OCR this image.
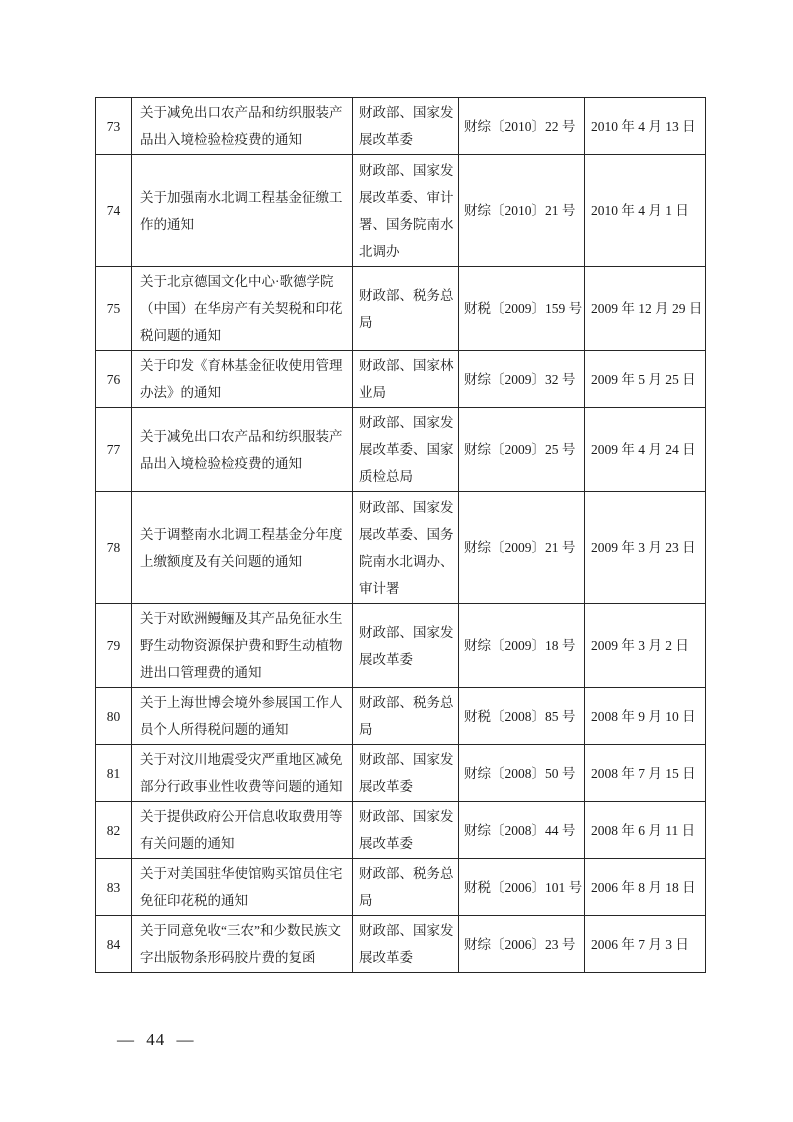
73	关于减免出口农产品和纺织服装产品出入境检验检疫费的通知	财政部、国家发展改革委	财综〔2010〕22 号	2010 年 4 月 13 日
74	关于加强南水北调工程基金征缴工作的通知	财政部、国家发展改革委、审计署、国务院南水北调办	财综〔2010〕21 号	2010 年 4 月 1 日
75	关于北京德国文化中心·歌德学院（中国）在华房产有关契税和印花税问题的通知	财政部、税务总局	财税〔2009〕159 号	2009 年 12 月 29 日
76	关于印发《育林基金征收使用管理办法》的通知	财政部、国家林业局	财综〔2009〕32 号	2009 年 5 月 25 日
77	关于减免出口农产品和纺织服装产品出入境检验检疫费的通知	财政部、国家发展改革委、国家质检总局	财综〔2009〕25 号	2009 年 4 月 24 日
78	关于调整南水北调工程基金分年度上缴额度及有关问题的通知	财政部、国家发展改革委、国务院南水北调办、审计署	财综〔2009〕21 号	2009 年 3 月 23 日
79	关于对欧洲鳗鲡及其产品免征水生野生动物资源保护费和野生动植物进出口管理费的通知	财政部、国家发展改革委	财综〔2009〕18 号	2009 年 3 月 2 日
80	关于上海世博会境外参展国工作人员个人所得税问题的通知	财政部、税务总局	财税〔2008〕85 号	2008 年 9 月 10 日
81	关于对汶川地震受灾严重地区减免部分行政事业性收费等问题的通知	财政部、国家发展改革委	财综〔2008〕50 号	2008 年 7 月 15 日
82	关于提供政府公开信息收取费用等有关问题的通知	财政部、国家发展改革委	财综〔2008〕44 号	2008 年 6 月 11 日
83	关于对美国驻华使馆购买馆员住宅免征印花税的通知	财政部、税务总局	财税〔2006〕101 号	2006 年 8 月 18 日
84	关于同意免收“三农”和少数民族文字出版物条形码胶片费的复函	财政部、国家发展改革委	财综〔2006〕23 号	2006 年 7 月 3 日
— 44 —
